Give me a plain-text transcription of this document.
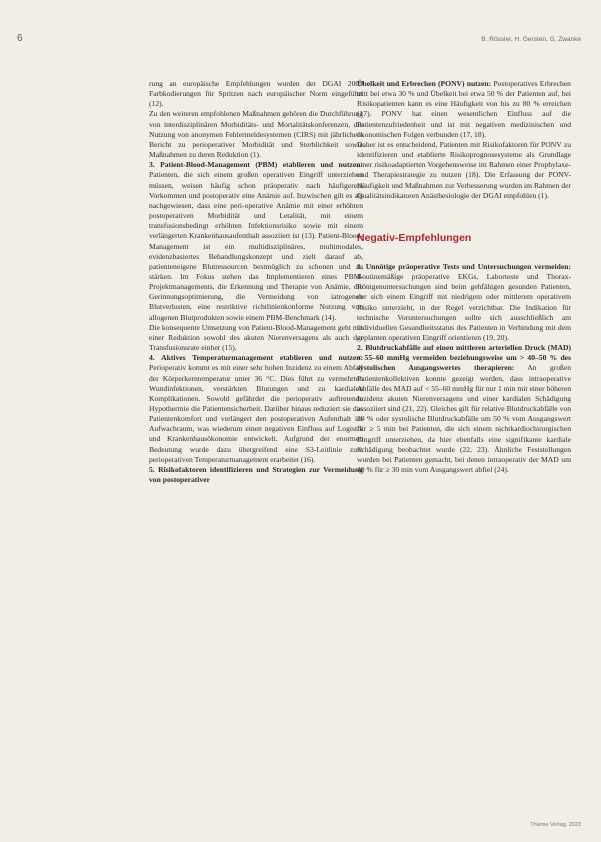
6	B. Rössler, H. Gersten, G. Zwanke

rung an europäische Empfehlungen wurden der DGAI 2009 Farbkodierungen für Spritzen nach europäischer Norm eingeführt (12).

Zu den weiteren empfohlenen Maßnahmen gehören die Durchführung von interdisziplinären Morbiditäts- und Mortalitätskonferenzen, die Nutzung von anonymen Fehlermeldesystemen (CIRS) mit jährlichem Bericht zu perioperativer Morbidität und Sterblichkeit sowie Maßnahmen zu deren Reduktion (1).

3. Patient-Blood-Management (PBM) etablieren und nutzen: Patienten, die sich einem großen operativen Eingriff unterziehen müssen, weisen häufig schon präoperativ nach häufigerem Vorkommen und postoperativ eine Anämie auf. Inzwischen gilt es als nachgewiesen, dass eine peri-operative Anämie mit einer erhöhten postoperativen Morbidität und Letalität, mit einem transfusionsbedingt erhöhten Infektionsrisiko sowie mit einem verlängerten Krankenhausaufenthalt assoziiert ist (13). Patient-Blood-Management ist ein multidisziplinäres, multimodales, evidenzbasiertes Behandlungskonzept und zielt darauf ab, patienteneigene Blutressourcen bestmöglich zu schonen und zu stärken. Im Fokus stehen das Implementieren eines PBM-Projektmanagements, die Erkennung und Therapie von Anämie, die Gerinnungsoptimierung, die Vermeidung von iatrogenen Blutverlusten, eine restriktive richtlinienkonforme Nutzung von allogenen Blutprodukten sowie einem PBM-Benchmark (14).

Die konsequente Umsetzung von Patient-Blood-Management geht mit einer Reduktion sowohl des akuten Nierenversagens als auch der Transfusionsrate einher (15).

4. Aktives Temperaturmanagement etablieren und nutzen: Perioperativ kommt es mit einer sehr hohen Inzidenz zu einem Abfall der Körperkerntemperatur unter 36 °C. Dies führt zu vermehrten Wundinfektionen, verstärkten Blutungen und zu kardialen Komplikationen. Sowohl gefährdet die perioperativ auftretende Hypothermie die Patientensicherheit. Darüber hinaus reduziert sie das Patientenkomfort und verlängert den postoperativen Aufenthalt im Aufwachraum, was wiederum einen negativen Einfluss auf Logistik und Krankenhausökonomie entwickelt. Aufgrund der enormen Bedeutung wurde dazu übergreifend eine S3-Leitlinie zum perioperativen Temperaturmanagement erarbeitet (16).

5. Risikofaktoren identifizieren und Strategien zur Vermeidung von postoperativer

Übelkeit und Erbrechen (PONV) nutzen: Postoperatives Erbrechen tritt bei etwa 30 % und Übelkeit bei etwa 50 % der Patienten auf, bei Risikopatienten kann es eine Häufigkeit von bis zu 80 % erreichen (17). PONV hat einen wesentlichen Einfluss auf die Patientenzufriedenheit und ist mit negativen medizinischen und ökonomischen Folgen verbunden (17, 18).

Daher ist es entscheidend, Patienten mit Risikofaktoren für PONV zu identifizieren und etablierte Risikoprognosesysteme als Grundlage einer risikoadaptierten Vorgehensweise im Rahmen einer Prophylaxe- und Therapiestrategie zu nutzen (18). Die Erfassung der PONV-Häufigkeit und Maßnahmen zur Verbesserung wurden im Rahmen der Qualitätsindikatoren Anästhesiologie der DGAI empfohlen (1).

Negativ-Empfehlungen

1. Unnötige präoperative Tests und Untersuchungen vermeiden: Routinemäßige präoperative EKGs, Laborteste und Thorax-Röntgenuntersuchungen sind beim gehfähigen gesunden Patienten, der sich einem Eingriff mit niedrigem oder mittlerem operativem Risiko unterzieht, in der Regel verzichtbar. Die Indikation für technische Voruntersuchungen sollte sich ausschließlich am individuellen Gesundheitsstatus des Patienten in Verbindung mit dem geplanten operativen Eingriff orientieren (19, 20).

2. Blutdruckabfälle auf einen mittleren arteriellen Druck (MAD) < 55–60 mmHg vermeiden beziehungsweise um > 40–50 % des systolischen Ausgangswertes therapieren: An großen Patientenkollektiven konnte gezeigt werden, dass intraoperative Abfälle des MAD auf < 55–60 mmHg für nur 1 min mit einer höheren Inzidenz akuten Nierenversagens und einer kardialen Schädigung assoziiert sind (21, 22). Gleiches gilt für relative Blutdruckabfälle von 20 % oder systolische Blutdruckabfälle um 50 % vom Ausgangswert für ≥ 5 min bei Patienten, die sich einem nichtkardiochirurgischen Eingriff unterziehen, da hier ebenfalls eine signifikante kardiale Schädigung beobachtet wurde (22, 23). Ähnliche Feststellungen wurden bei Patienten gemacht, bei denen intraoperativ der MAD um 40 % für ≥ 30 min vom Ausgangswert abfiel (24).

Thieme Verlag, 2023
